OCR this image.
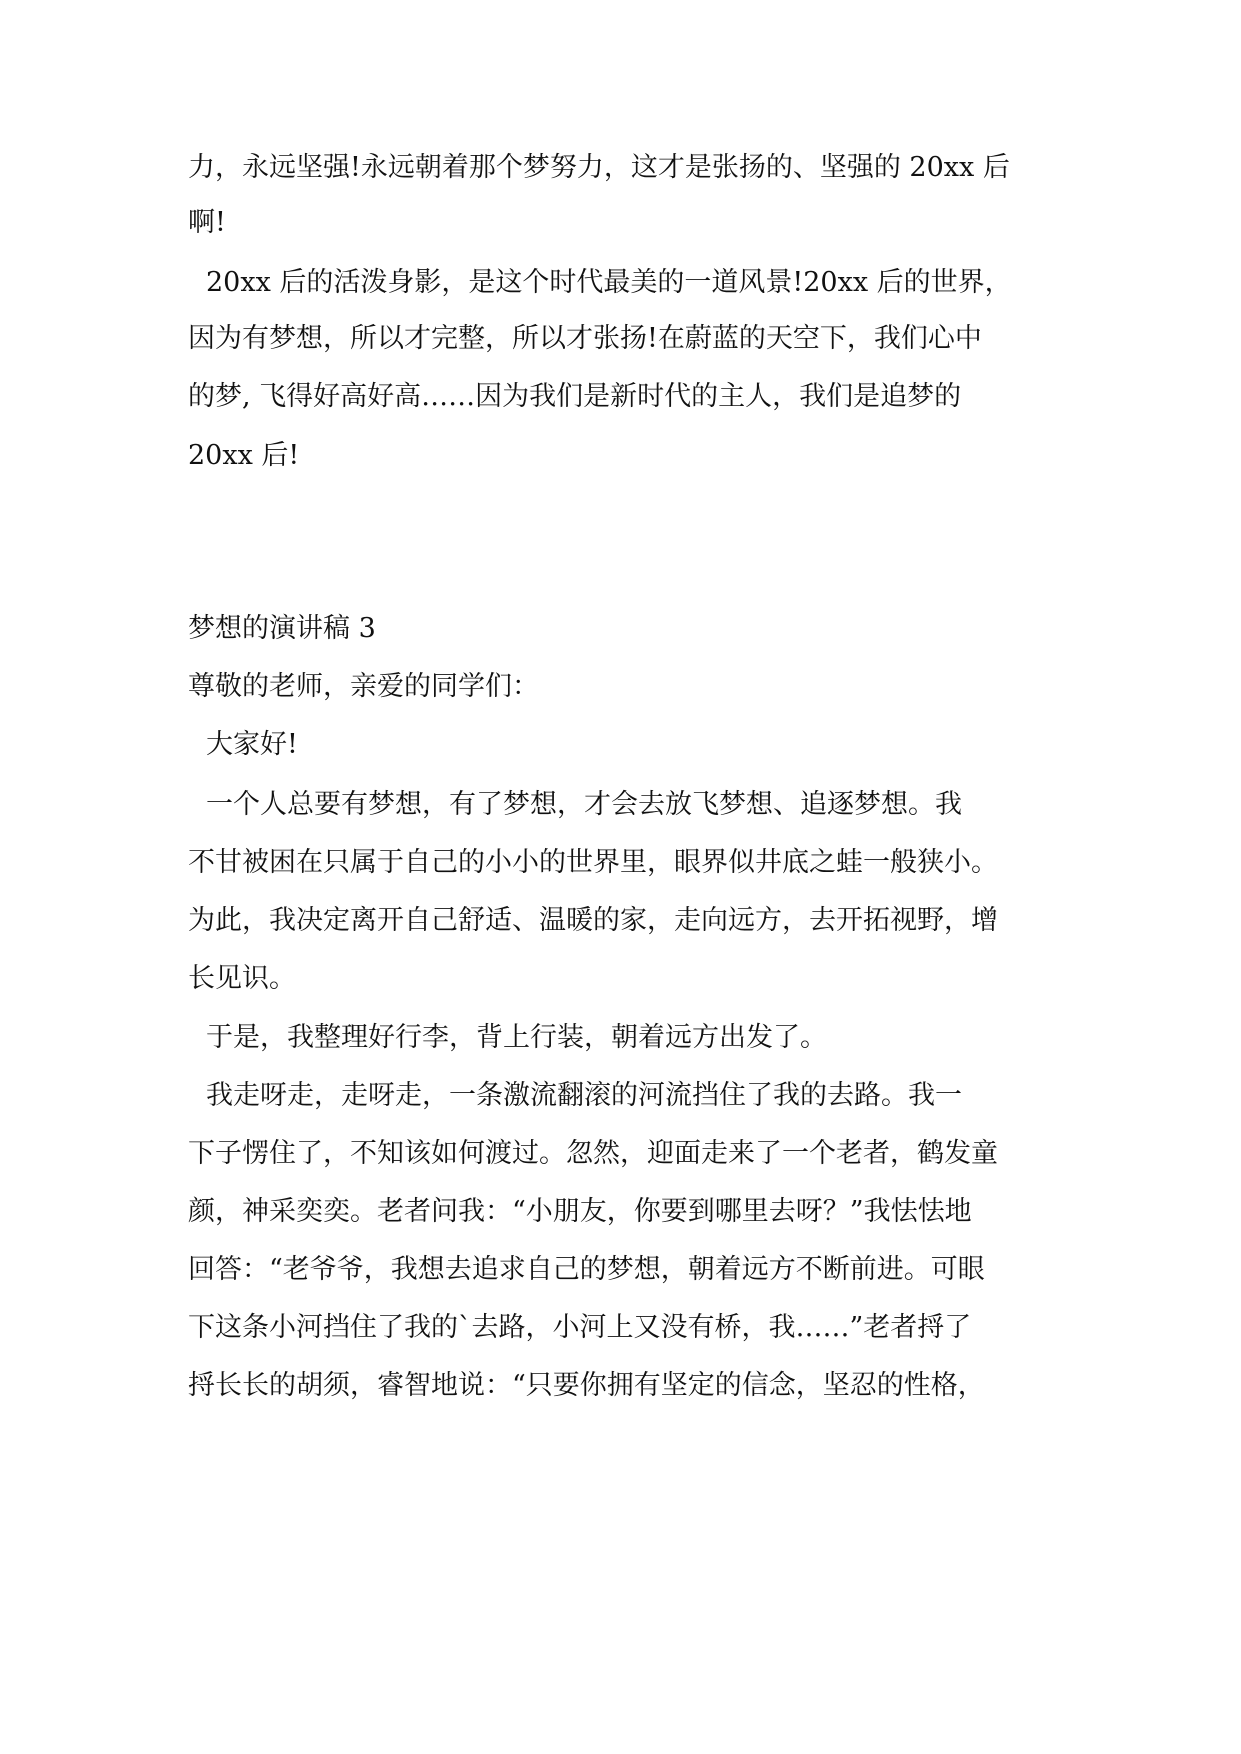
力，永远坚强!永远朝着那个梦努力，这才是张扬的、坚强的 20xx 后
啊!
20xx 后的活泼身影，是这个时代最美的一道风景!20xx 后的世界，
因为有梦想，所以才完整，所以才张扬!在蔚蓝的天空下，我们心中
的梦, 飞得好高好高……因为我们是新时代的主人，我们是追梦的
20xx 后!
梦想的演讲稿 3
尊敬的老师，亲爱的同学们：
大家好!
一个人总要有梦想，有了梦想，才会去放飞梦想、追逐梦想。我
不甘被困在只属于自己的小小的世界里，眼界似井底之蛙一般狭小。
为此，我决定离开自己舒适、温暖的家，走向远方，去开拓视野，增
长见识。
于是，我整理好行李，背上行装，朝着远方出发了。
我走呀走，走呀走，一条激流翻滚的河流挡住了我的去路。我一
下子愣住了，不知该如何渡过。忽然，迎面走来了一个老者，鹤发童
颜，神采奕奕。老者问我：“小朋友，你要到哪里去呀？”我怯怯地
回答：“老爷爷，我想去追求自己的梦想，朝着远方不断前进。可眼
下这条小河挡住了我的`去路，小河上又没有桥，我……”老者捋了
捋长长的胡须，睿智地说：“只要你拥有坚定的信念，坚忍的性格，
